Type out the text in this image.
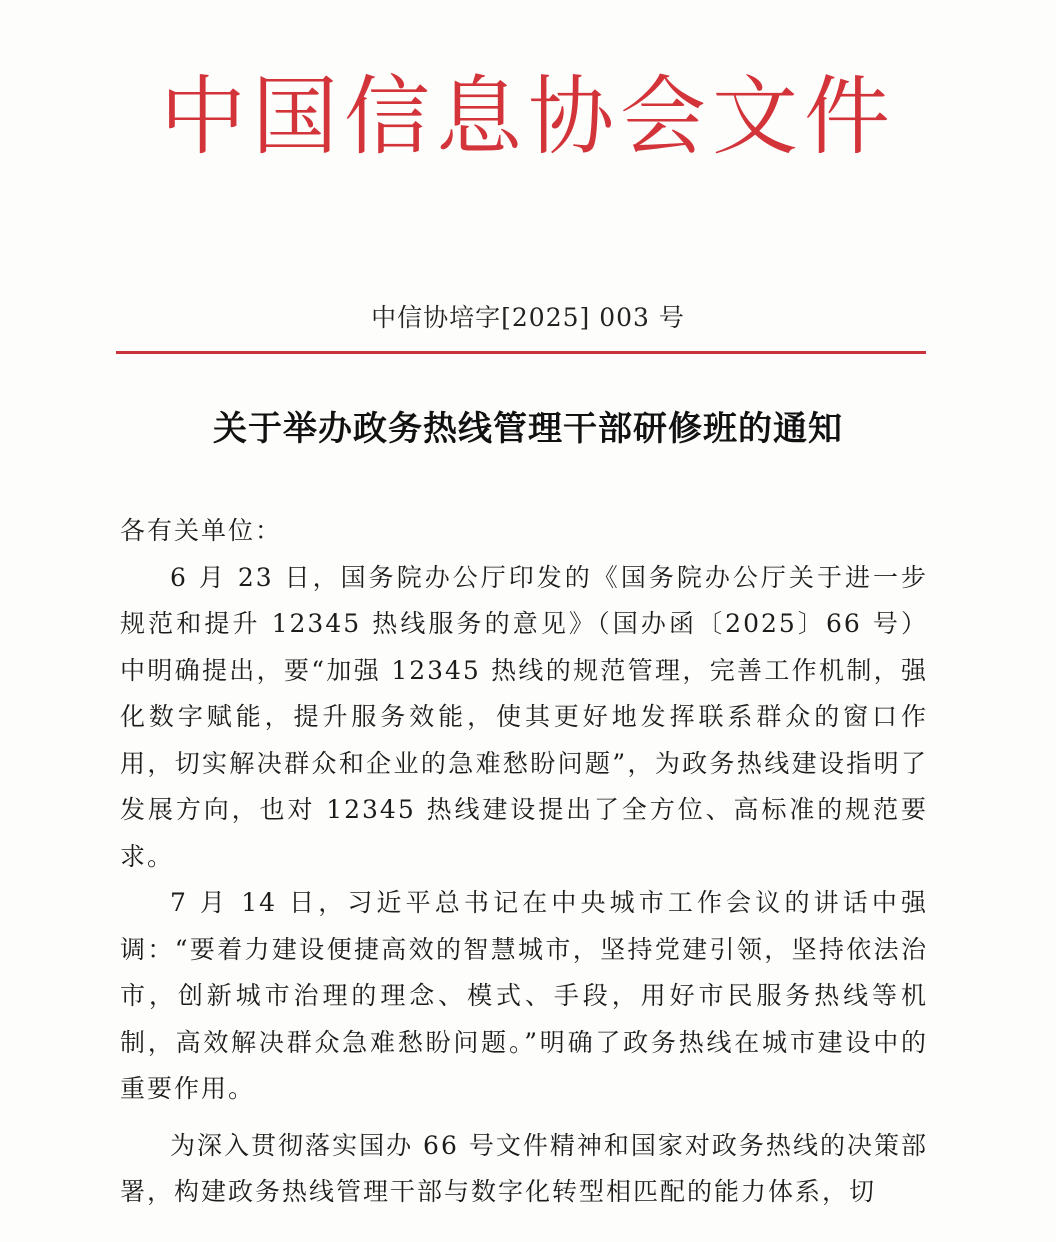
中国信息协会文件
中信协培字[2025] 003 号
关于举办政务热线管理干部研修班的通知

各有关单位：

6 月 23 日，国务院办公厅印发的《国务院办公厅关于进一步规范和提升 12345 热线服务的意见》（国办函〔2025〕66 号）中明确提出，要“加强 12345 热线的规范管理，完善工作机制，强化数字赋能，提升服务效能，使其更好地发挥联系群众的窗口作用，切实解决群众和企业的急难愁盼问题”，为政务热线建设指明了发展方向，也对 12345 热线建设提出了全方位、高标准的规范要求。

7 月 14 日，习近平总书记在中央城市工作会议的讲话中强调：“要着力建设便捷高效的智慧城市，坚持党建引领，坚持依法治市，创新城市治理的理念、模式、手段，用好市民服务热线等机制，高效解决群众急难愁盼问题。”明确了政务热线在城市建设中的重要作用。

为深入贯彻落实国办 66 号文件精神和国家对政务热线的决策部署，构建政务热线管理干部与数字化转型相匹配的能力体系，切
